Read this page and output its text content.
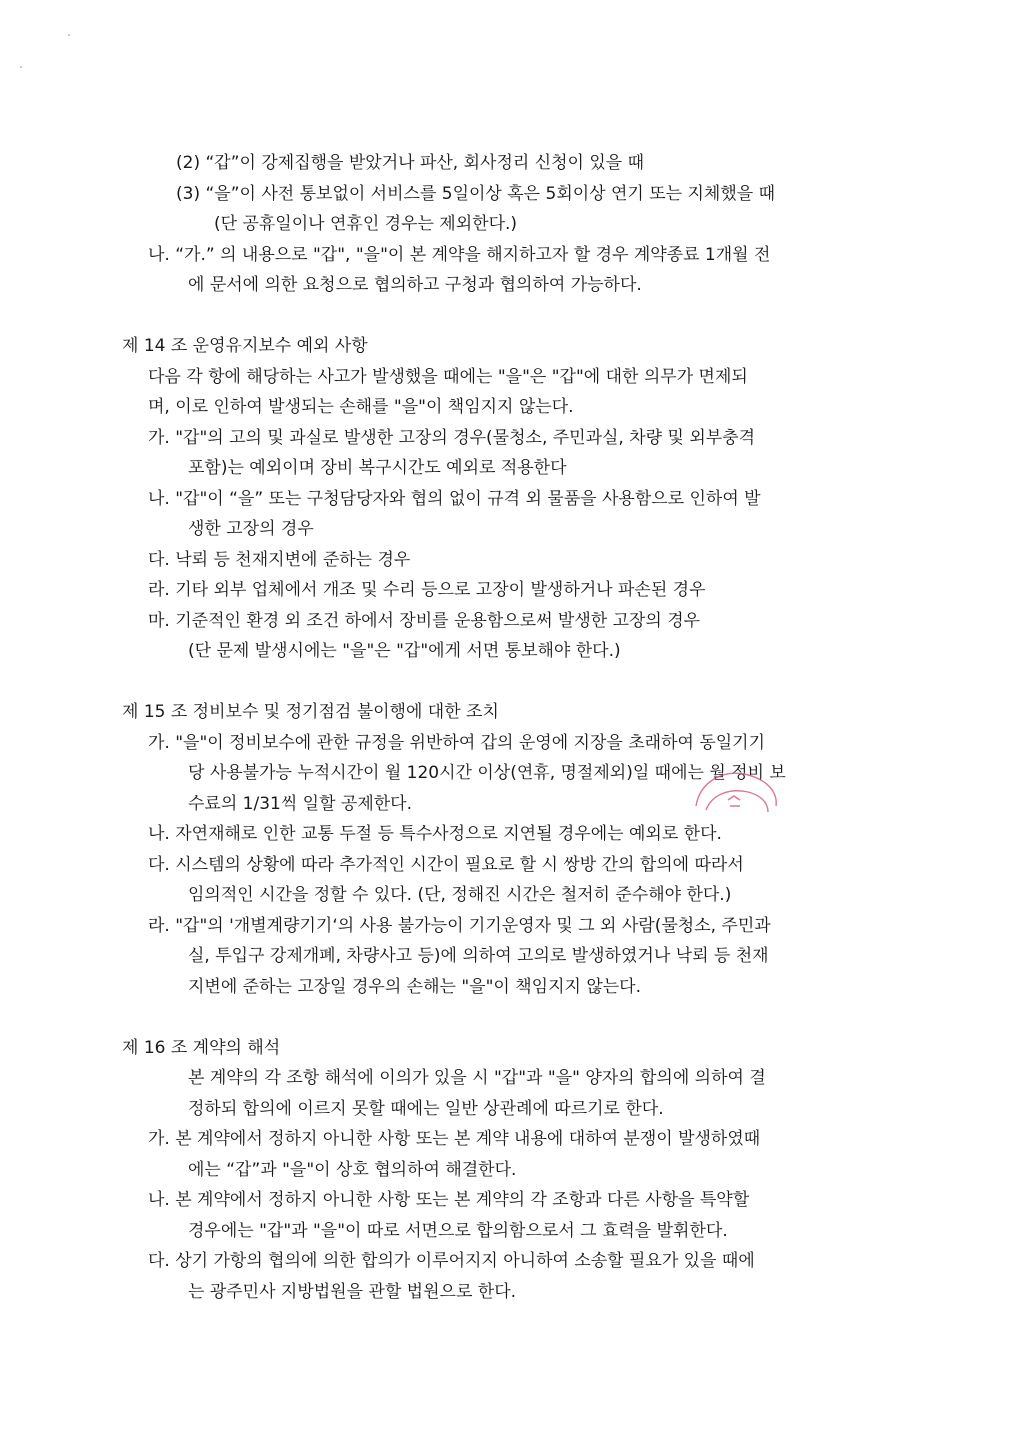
(2) “갑”이 강제집행을 받았거나 파산, 회사정리 신청이 있을 때
(3) “을”이 사전 통보없이 서비스를 5일이상 혹은 5회이상 연기 또는 지체했을 때
(단 공휴일이나 연휴인 경우는 제외한다.)
나. “가.” 의 내용으로 "갑", "을"이 본 계약을 해지하고자 할 경우 계약종료 1개월 전
에 문서에 의한 요청으로 협의하고 구청과 협의하여 가능하다.
제 14 조 운영유지보수 예외 사항
다음 각 항에 해당하는 사고가 발생했을 때에는 "을"은 "갑"에 대한 의무가 면제되
며, 이로 인하여 발생되는 손해를 "을"이 책임지지 않는다.
가. "갑"의 고의 및 과실로 발생한 고장의 경우(물청소, 주민과실, 차량 및 외부충격
포함)는 예외이며 장비 복구시간도 예외로 적용한다
나. "갑"이 “을” 또는 구청담당자와 협의 없이 규격 외 물품을 사용함으로 인하여 발
생한 고장의 경우
다. 낙뢰 등 천재지변에 준하는 경우
라. 기타 외부 업체에서 개조 및 수리 등으로 고장이 발생하거나 파손된 경우
마. 기준적인 환경 외 조건 하에서 장비를 운용함으로써 발생한 고장의 경우
(단 문제 발생시에는 "을"은 "갑"에게 서면 통보해야 한다.)
제 15 조 정비보수 및 정기점검 불이행에 대한 조치
가. "을"이 정비보수에 관한 규정을 위반하여 갑의 운영에 지장을 초래하여 동일기기
당 사용불가능 누적시간이 월 120시간 이상(연휴, 명절제외)일 때에는 월 정비 보
수료의 1/31씩 일할 공제한다.
나. 자연재해로 인한 교통 두절 등 특수사정으로 지연될 경우에는 예외로 한다.
다. 시스템의 상황에 따라 추가적인 시간이 필요로 할 시 쌍방 간의 합의에 따라서
임의적인 시간을 정할 수 있다. (단, 정해진 시간은 철저히 준수해야 한다.)
라. "갑"의 '개별계량기기‘의 사용 불가능이 기기운영자 및 그 외 사람(물청소, 주민과
실, 투입구 강제개폐, 차량사고 등)에 의하여 고의로 발생하였거나 낙뢰 등 천재
지변에 준하는 고장일 경우의 손해는 "을"이 책임지지 않는다.
제 16 조 계약의 해석
본 계약의 각 조항 해석에 이의가 있을 시 "갑"과 "을" 양자의 합의에 의하여 결
정하되 합의에 이르지 못할 때에는 일반 상관례에 따르기로 한다.
가. 본 계약에서 정하지 아니한 사항 또는 본 계약 내용에 대하여 분쟁이 발생하였때
에는 “갑”과 "을"이 상호 협의하여 해결한다.
나. 본 계약에서 정하지 아니한 사항 또는 본 계약의 각 조항과 다른 사항을 특약할
경우에는 "갑"과 "을"이 따로 서면으로 합의함으로서 그 효력을 발휘한다.
다. 상기 가항의 협의에 의한 합의가 이루어지지 아니하여 소송할 필요가 있을 때에
는 광주민사 지방법원을 관할 법원으로 한다.
